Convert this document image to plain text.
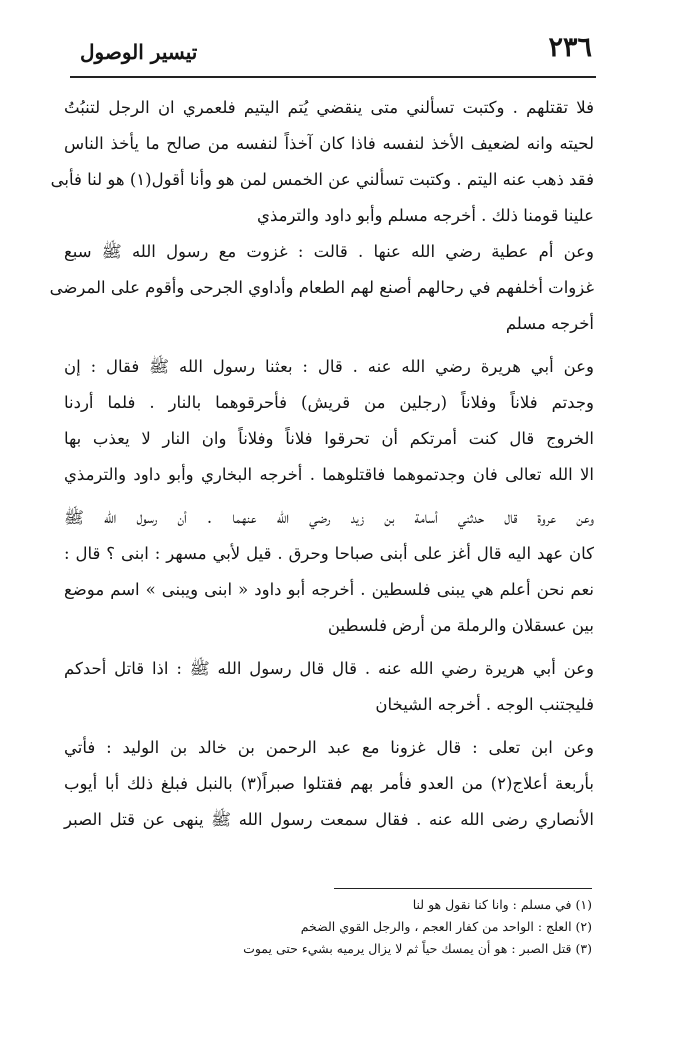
٢٣٦
تيسير الوصول
فلا تقتلهم . وكتبت تسألني متى ينقضي يُتم اليتيم فلعمري ان الرجل لتنبُتُ
لحيته وانه لضعيف الأخذ لنفسه فاذا كان آخذاً لنفسه من صالح ما يأخذ الناس
فقد ذهب عنه اليتم . وكتبت تسألني عن الخمس لمن هو وأنا أقول(١) هو لنا فأبى
علينا قومنا ذلك . أخرجه مسلم وأبو داود والترمذي
وعن أم عطية رضي الله عنها . قالت : غزوت مع رسول الله ﷺ سبع
غزوات أخلفهم في رحالهم أصنع لهم الطعام وأداوي الجرحى وأقوم على المرضى
أخرجه مسلم
وعن أبي هريرة رضي الله عنه . قال : بعثنا رسول الله ﷺ فقال : إن
وجدتم فلاناً وفلاناً (رجلين من قريش) فأحرقوهما بالنار . فلما أردنا
الخروج قال كنت أمرتكم أن تحرقوا فلاناً وفلاناً وان النار لا يعذب بها
الا الله تعالى فان وجدتموهما فاقتلوهما . أخرجه البخاري وأبو داود والترمذي
وعن عروة قال حدثني أسامة بن زيد رضي الله عنهما . أن رسول الله ﷺ
كان عهد اليه قال أغز على أبنى صباحا وحرق . قيل لأبي مسهر : ابنى ؟ قال :
نعم نحن أعلم هي يبنى فلسطين . أخرجه أبو داود « ابنى ويبنى » اسم موضع
بين عسقلان والرملة من أرض فلسطين
وعن أبي هريرة رضي الله عنه . قال قال رسول الله ﷺ : اذا قاتل أحدكم
فليجتنب الوجه . أخرجه الشيخان
وعن ابن تعلى : قال غزونا مع عبد الرحمن بن خالد بن الوليد : فأتي
بأربعة أعلاج(٢) من العدو فأمر بهم فقتلوا صبراً(٣) بالنبل فبلغ ذلك أبا أيوب
الأنصاري رضى الله عنه . فقال سمعت رسول الله ﷺ ينهى عن قتل الصبر
(١) في مسلم : وانا كنا نقول هو لنا
(٢) العلج : الواحد من كفار العجم ، والرجل القوي الضخم
(٣) قتل الصبر : هو أن يمسك حياً ثم لا يزال يرميه بشيء حتى يموت
